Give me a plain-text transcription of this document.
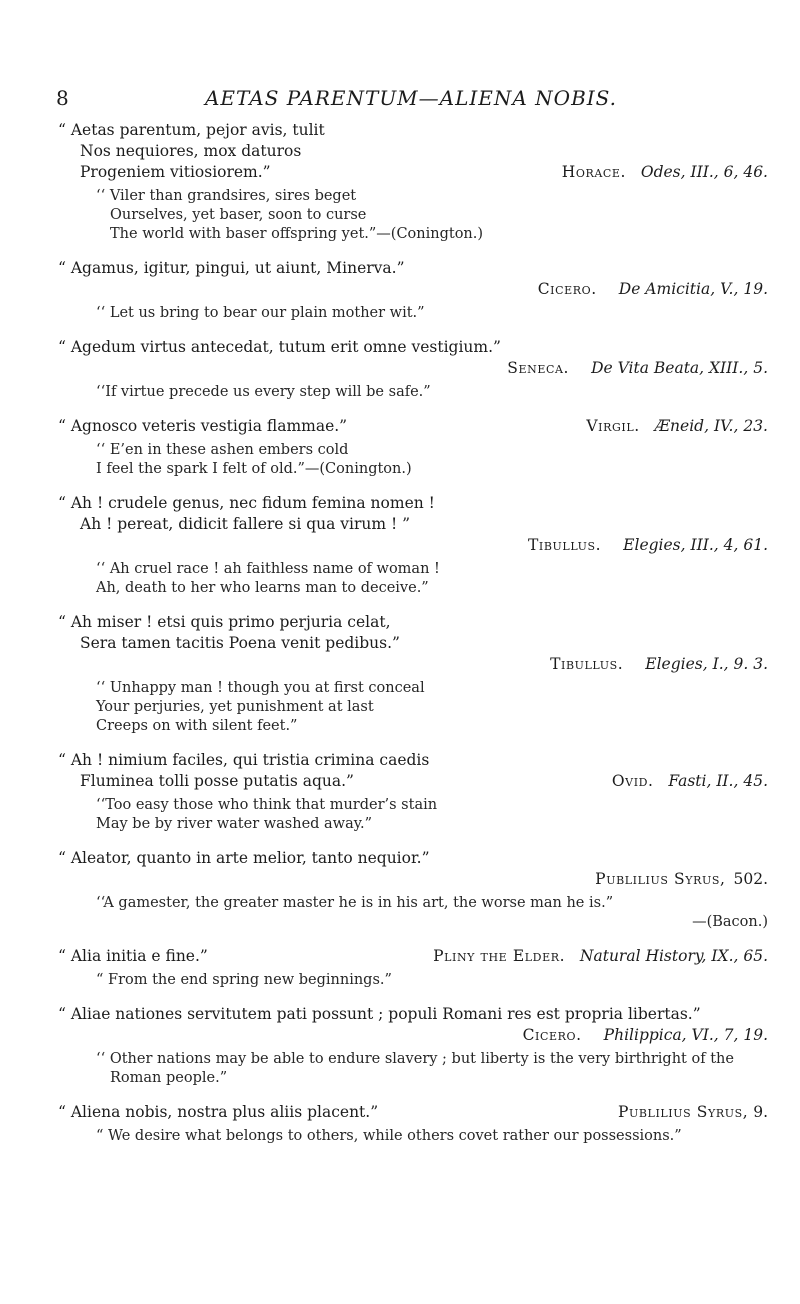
8	AETAS PARENTUM—ALIENA NOBIS.
“ Aetas parentum, pejor avis, tulit
Nos nequiores, mox daturos
Progeniem vitiosiorem.”	Horace. Odes, III., 6, 46.
‘‘ Viler than grandsires, sires beget
Ourselves, yet baser, soon to curse
The world with baser offspring yet.”—(Conington.)
“ Agamus, igitur, pingui, ut aiunt, Minerva.”
Cicero. De Amicitia, V., 19.
‘‘ Let us bring to bear our plain mother wit.”
“ Agedum virtus antecedat, tutum erit omne vestigium.”
Seneca. De Vita Beata, XIII., 5.
‘‘If virtue precede us every step will be safe.”
“ Agnosco veteris vestigia flammae.”	Virgil. Æneid, IV., 23.
‘‘ E’en in these ashen embers cold
I feel the spark I felt of old.”—(Conington.)
“ Ah ! crudele genus, nec fidum femina nomen !
Ah ! pereat, didicit fallere si qua virum ! ”
Tibullus. Elegies, III., 4, 61.
‘‘ Ah cruel race ! ah faithless name of woman !
Ah, death to her who learns man to deceive.”
“ Ah miser ! etsi quis primo perjuria celat,
Sera tamen tacitis Poena venit pedibus.”
Tibullus. Elegies, I., 9. 3.
‘‘ Unhappy man ! though you at first conceal
Your perjuries, yet punishment at last
Creeps on with silent feet.”
“ Ah ! nimium faciles, qui tristia crimina caedis
Fluminea tolli posse putatis aqua.”	Ovid. Fasti, II., 45.
‘‘Too easy those who think that murder’s stain
May be by river water washed away.”
“ Aleator, quanto in arte melior, tanto nequior.”
Publilius Syrus, 502.
‘‘A gamester, the greater master he is in his art, the worse man he is.”
—(Bacon.)
“ Alia initia e fine.”	Pliny the Elder. Natural History, IX., 65.
“ From the end spring new beginnings.”
“ Aliae nationes servitutem pati possunt ; populi Romani res est propria libertas.”
Cicero. Philippica, VI., 7, 19.
‘‘ Other nations may be able to endure slavery ; but liberty is the very birthright of the Roman people.”
“ Aliena nobis, nostra plus aliis placent.”	Publilius Syrus, 9.
“ We desire what belongs to others, while others covet rather our possessions.”
